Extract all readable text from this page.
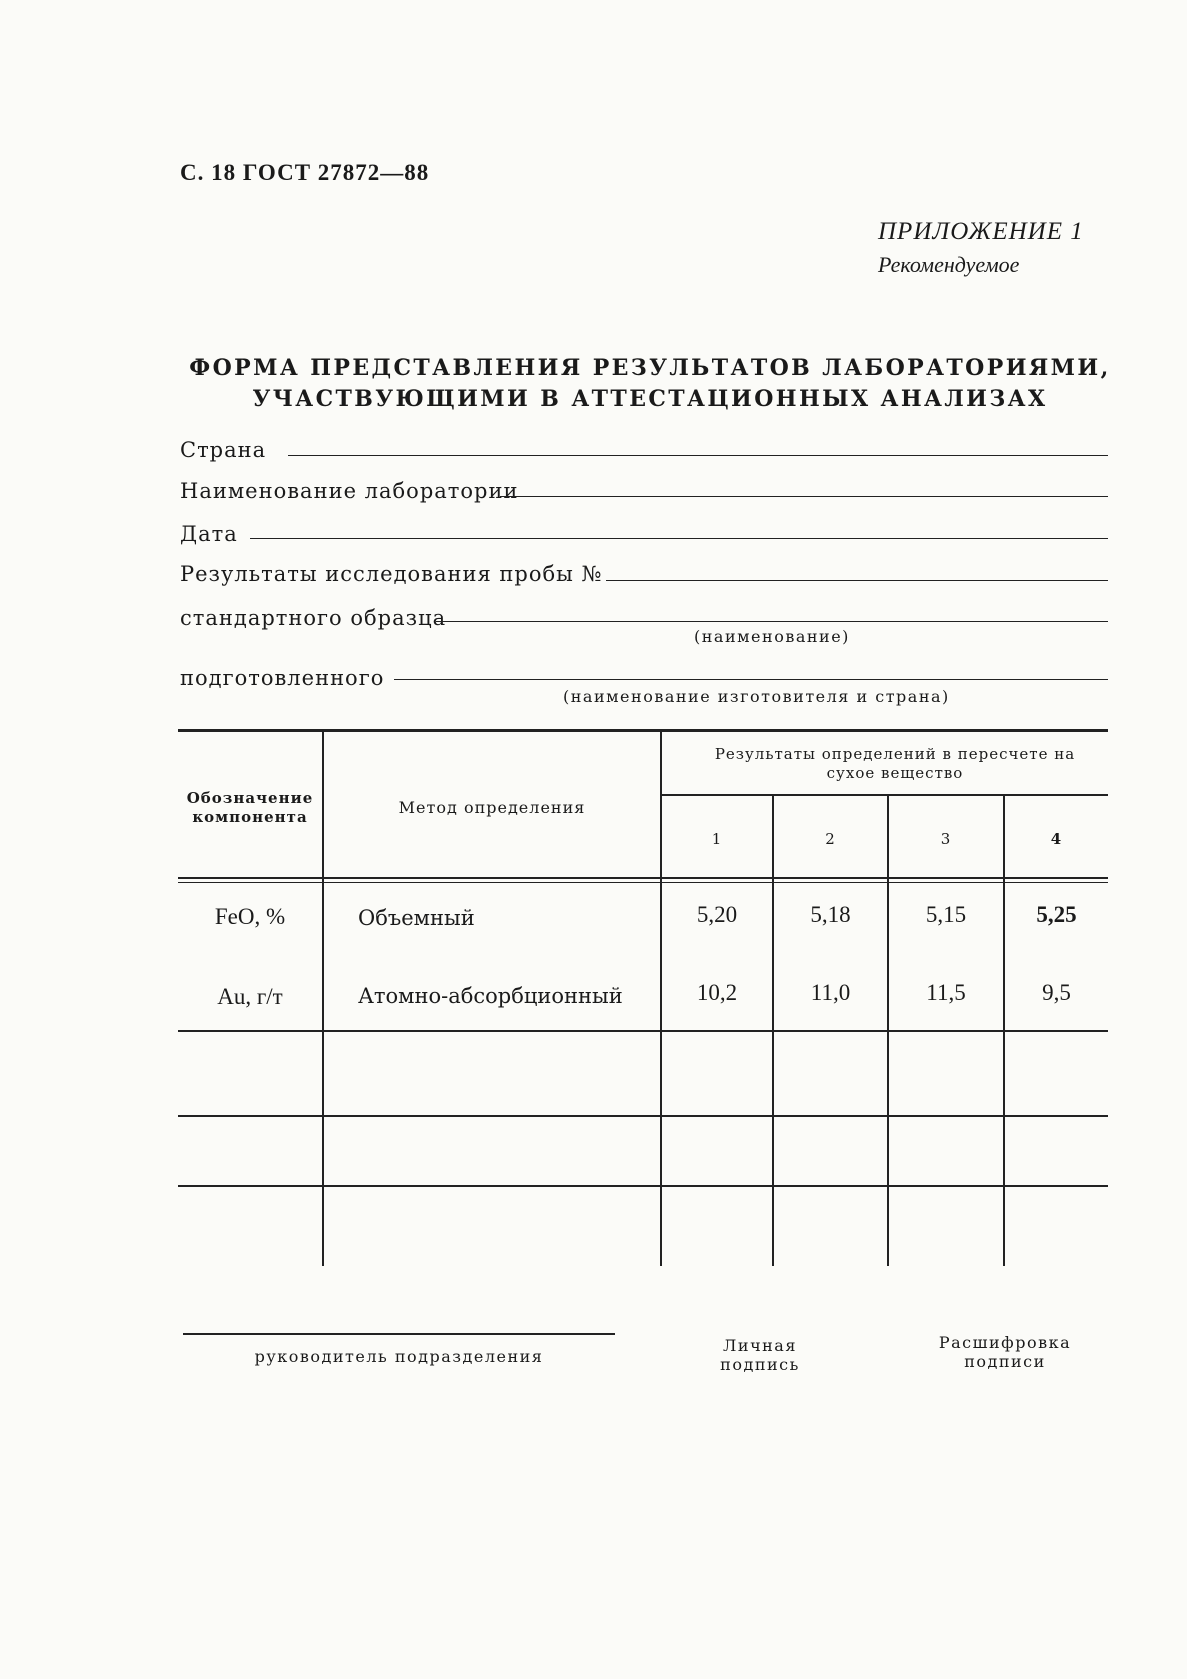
С. 18 ГОСТ 27872—88
ПРИЛОЖЕНИЕ 1
Рекомендуемое
ФОРМА ПРЕДСТАВЛЕНИЯ РЕЗУЛЬТАТОВ ЛАБОРАТОРИЯМИ,
УЧАСТВУЮЩИМИ В АТТЕСТАЦИОННЫХ АНАЛИЗАХ
Страна
Наименование лаборатории
Дата
Результаты исследования пробы №
стандартного образца
(наименование)
подготовленного
(наименование изготовителя и страна)
Обозначение компонента	Метод определения
Результаты определений в пересчете на сухое вещество
1	2	3	4
FeO, %	Объемный	5,20	5,18	5,15	5,25
Au, г/т	Атомно-абсорбционный	10,2	11,0	11,5	9,5
руководитель подразделения
Личная подпись
Расшифровка подписи
